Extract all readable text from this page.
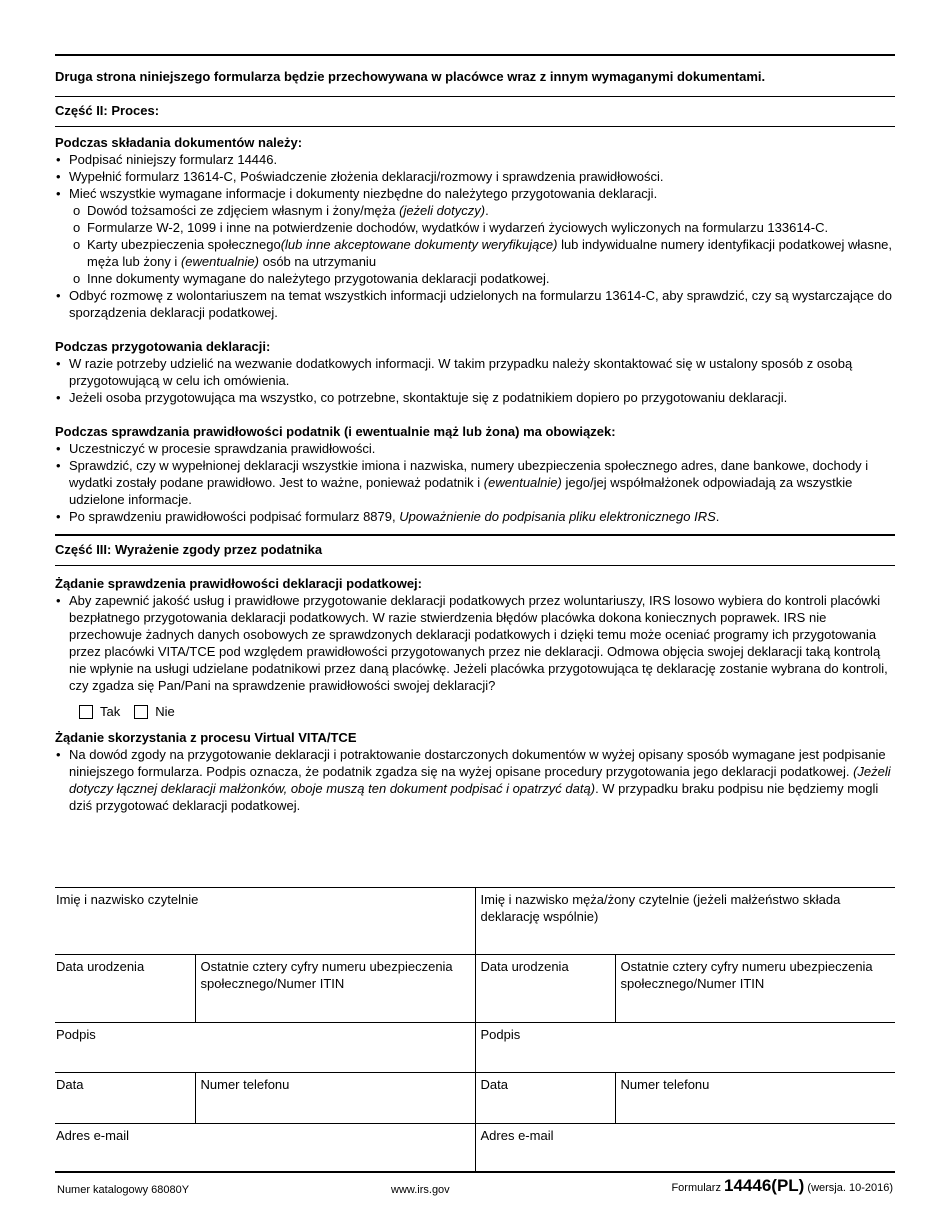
Druga strona niniejszego formularza będzie przechowywana w placówce wraz z innym wymaganymi dokumentami.
Część II: Proces:
Podczas składania dokumentów należy:
• Podpisać niniejszy formularz 14446.
• Wypełnić formularz 13614-C, Poświadczenie złożenia deklaracji/rozmowy i sprawdzenia prawidłowości.
• Mieć wszystkie wymagane informacje i dokumenty niezbędne do należytego przygotowania deklaracji.
o Dowód tożsamości ze zdjęciem własnym i żony/męża (jeżeli dotyczy).
o Formularze W-2, 1099 i inne na potwierdzenie dochodów, wydatków i wydarzeń życiowych wyliczonych na formularzu 133614-C.
o Karty ubezpieczenia społecznego(lub inne akceptowane dokumenty weryfikujące) lub indywidualne numery identyfikacji podatkowej własne, męża lub żony i (ewentualnie) osób na utrzymaniu
o Inne dokumenty wymagane do należytego przygotowania deklaracji podatkowej.
• Odbyć rozmowę z wolontariuszem na temat wszystkich informacji udzielonych na formularzu 13614-C, aby sprawdzić, czy są wystarczające do sporządzenia deklaracji podatkowej.
Podczas przygotowania deklaracji:
• W razie potrzeby udzielić na wezwanie dodatkowych informacji. W takim przypadku należy skontaktować się w ustalony sposób z osobą przygotowującą w celu ich omówienia.
• Jeżeli osoba przygotowująca ma wszystko, co potrzebne, skontaktuje się z podatnikiem dopiero po przygotowaniu deklaracji.
Podczas sprawdzania prawidłowości podatnik (i ewentualnie mąż lub żona) ma obowiązek:
• Uczestniczyć w procesie sprawdzania prawidłowości.
• Sprawdzić, czy w wypełnionej deklaracji wszystkie imiona i nazwiska, numery ubezpieczenia społecznego adres, dane bankowe, dochody i wydatki zostały podane prawidłowo. Jest to ważne, ponieważ podatnik i (ewentualnie) jego/jej współmałżonek odpowiadają za wszystkie udzielone informacje.
• Po sprawdzeniu prawidłowości podpisać formularz 8879, Upoważnienie do podpisania pliku elektronicznego IRS.
Część III: Wyrażenie zgody przez podatnika
Żądanie sprawdzenia prawidłowości deklaracji podatkowej:
• Aby zapewnić jakość usług i prawidłowe przygotowanie deklaracji podatkowych przez woluntariuszy, IRS losowo wybiera do kontroli placówki bezpłatnego przygotowania deklaracji podatkowych. W razie stwierdzenia błędów placówka dokona koniecznych poprawek. IRS nie przechowuje żadnych danych osobowych ze sprawdzonych deklaracji podatkowych i dzięki temu może oceniać programy ich przygotowania przez placówki VITA/TCE pod względem prawidłowości przygotowanych przez nie deklaracji. Odmowa objęcia swojej deklaracji taką kontrolą nie wpłynie na usługi udzielane podatnikowi przez daną placówkę. Jeżeli placówka przygotowująca tę deklarację zostanie wybrana do kontroli, czy zgadza się Pan/Pani na sprawdzenie prawidłowości swojej deklaracji?
Tak	Nie
Żądanie skorzystania z procesu Virtual VITA/TCE
• Na dowód zgody na przygotowanie deklaracji i potraktowanie dostarczonych dokumentów w wyżej opisany sposób wymagane jest podpisanie niniejszego formularza. Podpis oznacza, że podatnik zgadza się na wyżej opisane procedury przygotowania jego deklaracji podatkowej. (Jeżeli dotyczy łącznej deklaracji małżonków, oboje muszą ten dokument podpisać i opatrzyć datą). W przypadku braku podpisu nie będziemy mogli dziś przygotować deklaracji podatkowej.
Imię i nazwisko czytelnie		Imię i nazwisko męża/żony czytelnie (jeżeli małżeństwo składa deklarację wspólnie)	
Data urodzenia	Ostatnie cztery cyfry numeru ubezpieczenia społecznego/Numer ITIN	Data urodzenia	Ostatnie cztery cyfry numeru ubezpieczenia społecznego/Numer ITIN
Podpis		Podpis	
Data	Numer telefonu	Data	Numer telefonu
Adres e-mail		Adres e-mail	
Numer katalogowy 68080Y	www.irs.gov	Formularz 14446(PL) (wersja. 10-2016)
